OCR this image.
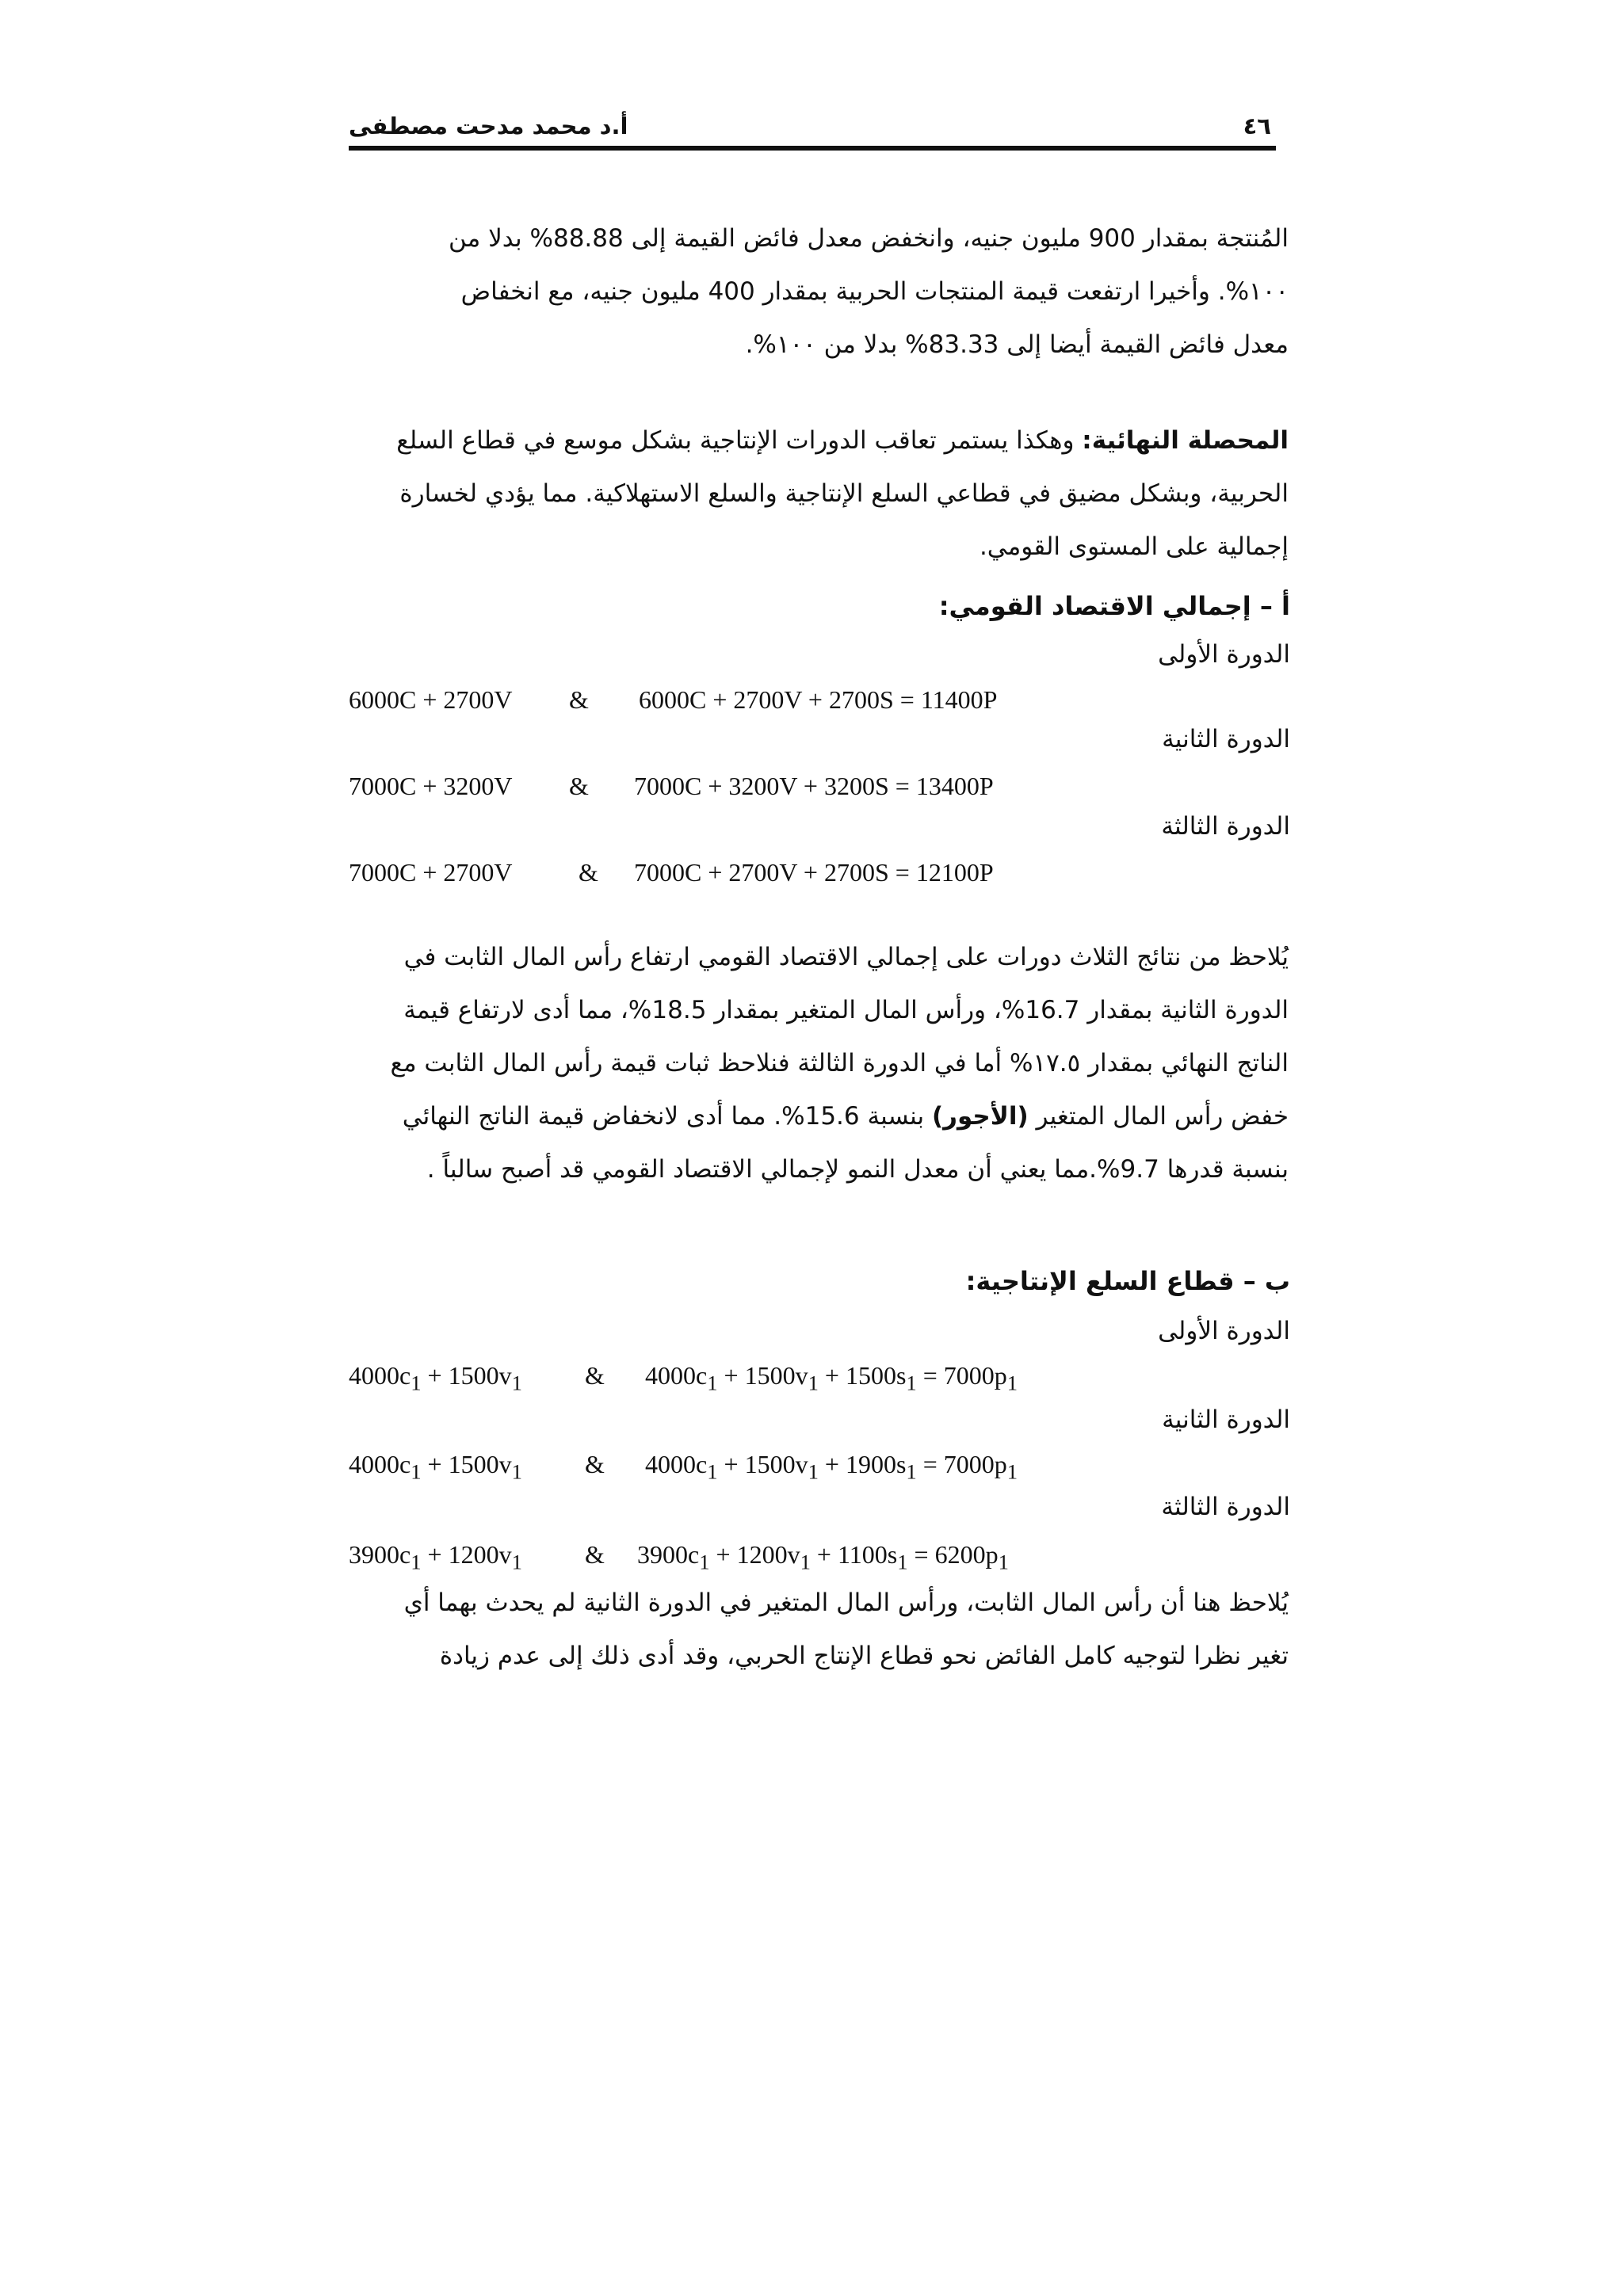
أ.د محمد مدحت مصطفى	٤٦
المُنتجة بمقدار 900 مليون جنيه، وانخفض معدل فائض القيمة إلى 88.88% بدلا من
١٠٠%. وأخيرا ارتفعت قيمة المنتجات الحربية بمقدار 400 مليون جنيه، مع انخفاض
معدل فائض القيمة أيضا إلى 83.33% بدلا من ١٠٠%.
المحصلة النهائية: وهكذا يستمر تعاقب الدورات الإنتاجية بشكل موسع في قطاع السلع
الحربية، وبشكل مضيق في قطاعي السلع الإنتاجية والسلع الاستهلاكية. مما يؤدي لخسارة
إجمالية على المستوى القومي.
أ – إجمالي الاقتصاد القومي:
الدورة الأولى
6000C + 2700V & 6000C + 2700V + 2700S = 11400P
الدورة الثانية
7000C + 3200V & 7000C + 3200V + 3200S = 13400P
الدورة الثالثة
7000C + 2700V	& 7000C + 2700V + 2700S = 12100P
يُلاحظ من نتائج الثلاث دورات على إجمالي الاقتصاد القومي ارتفاع رأس المال الثابت في
الدورة الثانية بمقدار 16.7%، ورأس المال المتغير بمقدار 18.5%، مما أدى لارتفاع قيمة
الناتج النهائي بمقدار ١٧.٥% أما في الدورة الثالثة فنلاحظ ثبات قيمة رأس المال الثابت مع
خفض رأس المال المتغير (الأجور) بنسبة 15.6%. مما أدى لانخفاض قيمة الناتج النهائي
بنسبة قدرها 9.7%.مما يعني أن معدل النمو لإجمالي الاقتصاد القومي قد أصبح سالباً .
ب – قطاع السلع الإنتاجية:
الدورة الأولى
$4000c_1 + 1500v_1$ & $4000c_1 + 1500v_1 + 1500s_1 = 7000p_1$
الدورة الثانية
$4000c_1 + 1500v_1$ & $4000c_1 + 1500v_1 + 1900s_1 = 7000p_1$
الدورة الثالثة
$3900c_1 + 1200v_1$ & $3900c_1 + 1200v_1 + 1100s_1 = 6200p_1$
يُلاحظ هنا أن رأس المال الثابت، ورأس المال المتغير في الدورة الثانية لم يحدث بهما أي
تغير نظرا لتوجيه كامل الفائض نحو قطاع الإنتاج الحربي، وقد أدى ذلك إلى عدم زيادة
